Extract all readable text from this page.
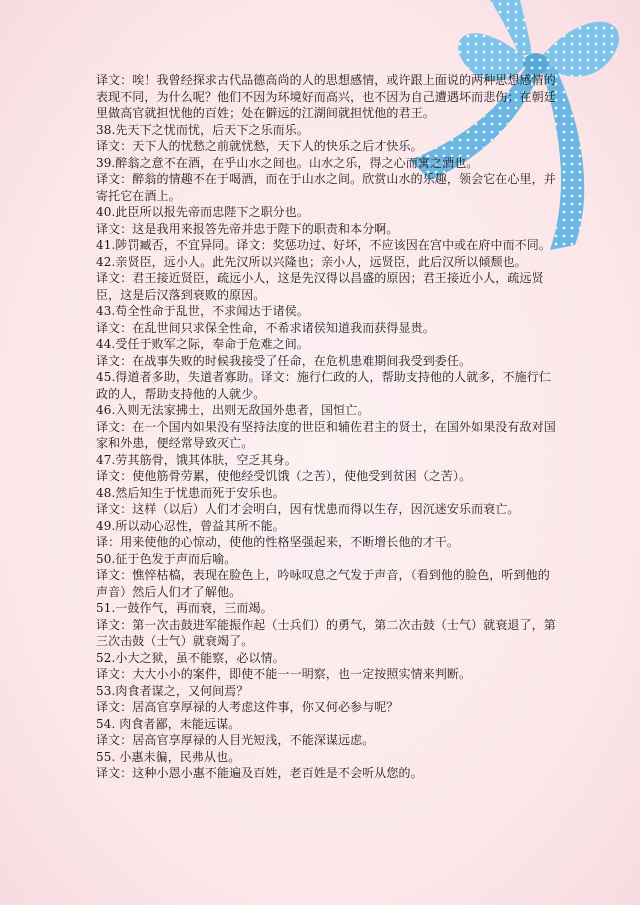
译文：唉！我曾经探求古代品德高尚的人的思想感情，或许跟上面说的两种思想感情的表现不同，为什么呢？他们不因为环境好而高兴，也不因为自己遭遇坏而悲伤；在朝廷里做高官就担忧他的百姓；处在僻远的江湖间就担忧他的君王。

38.先天下之忧而忧，后天下之乐而乐。

译文：天下人的忧愁之前就忧愁，天下人的快乐之后才快乐。

39.醉翁之意不在酒，在乎山水之间也。山水之乐，得之心而寓之酒也。

译文：醉翁的情趣不在于喝酒，而在于山水之间。欣赏山水的乐趣，领会它在心里，并寄托它在酒上。

40.此臣所以报先帝而忠陛下之职分也。

译文：这是我用来报答先帝并忠于陛下的职责和本分啊。

41.陟罚臧否，不宜异同。译文：奖惩功过、好坏，不应该因在宫中或在府中而不同。

42.亲贤臣，远小人。此先汉所以兴隆也；亲小人，远贤臣，此后汉所以倾颓也。

译文：君王接近贤臣，疏远小人，这是先汉得以昌盛的原因；君王接近小人，疏远贤臣，这是后汉落到衰败的原因。

43.苟全性命于乱世，不求闻达于诸侯。

译文：在乱世间只求保全性命，不希求诸侯知道我而获得显贵。

44.受任于败军之际，奉命于危难之间。

译文：在战事失败的时候我接受了任命，在危机患难期间我受到委任。

45.得道者多助，失道者寡助。译文：施行仁政的人，帮助支持他的人就多，不施行仁政的人，帮助支持他的人就少。

46.入则无法家拂士，出则无敌国外患者，国恒亡。

译文：在一个国内如果没有坚持法度的世臣和辅佐君主的贤士，在国外如果没有敌对国家和外患，便经常导致灭亡。

47.劳其筋骨，饿其体肤，空乏其身。

译文：使他筋骨劳累，使他经受饥饿（之苦），使他受到贫困（之苦）。

48.然后知生于忧患而死于安乐也。

译文：这样（以后）人们才会明白，因有忧患而得以生存，因沉迷安乐而衰亡。

49.所以动心忍性，曾益其所不能。

译：用来使他的心惊动，使他的性格坚强起来，不断增长他的才干。

50.征于色发于声而后喻。

译文：憔悴枯槁，表现在脸色上，吟咏叹息之气发于声音，（看到他的脸色，听到他的声音）然后人们才了解他。

51.一鼓作气，再而衰，三而竭。

译文：第一次击鼓进军能振作起（士兵们）的勇气，第二次击鼓（士气）就衰退了，第三次击鼓（士气）就衰竭了。

52.小大之狱，虽不能察，必以情。

译文：大大小小的案件，即使不能一一明察，也一定按照实情来判断。

53.肉食者谋之，又何间焉？

译文：居高官享厚禄的人考虑这件事，你又何必参与呢？

54. 肉食者鄙，未能远谋。

译文：居高官享厚禄的人目光短浅，不能深谋远虑。

55. 小惠未徧，民弗从也。

译文：这种小恩小惠不能遍及百姓，老百姓是不会听从您的。
